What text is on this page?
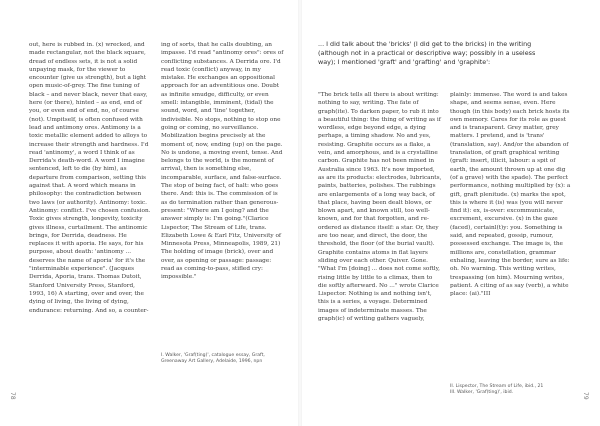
out, here is rubbed in. (x) wrecked, and made rectangular, not the black square, dread of endless sets, it is not a solid unpaying mask, for the viewer to encounter (give us strength), but a light open music-of-grey. The fine tuning of black – and never black, never that easy, here (or there), hinted – as end, end of you, or even end of end, no, of course (not). Umpitself, is often confused with lead and antimony ores. Antimony is a toxic metallic element added to alloys to increase their strength and hardness. I'd read 'antinomy', a word I think of as Derrida's death-word. A word I imagine sentenced, left to die (by him), as departure from comparison, setting this against that. A word which means in philosophy: the contradiction between two laws (or authority). Antinomy: toxic. Antinomy: conflict. I've chosen confusion. Toxic gives strength, longevity, toxicity gives illness, curtailment. The antinomic brings, for Derrida, deadness. He replaces it with aporia. He says, for his purpose, about death: 'antinomy ... deserves the name of aporia' for it's the "interminable experience". (Jacques Derrida, Aporia, trans. Thomas Dutoit, Stanford University Press, Stanford, 1993, 16) A starting, over and over, the dying of living, the living of dying, endurance: returning. And so, a counter-

ing of sorts, that he calls doubting, an impasse. I'd read "antinomy ores": ores of conflicting substances. A Derrida ore. I'd read toxic (conflict) anyway, in my mistake. He exchanges an oppositional approach for an adventitious one. Doubt as infinite smudge, difficulty, or even smell: intangible, imminent, (tidal) the sound, word, and 'line' together, indivisible. No stops, nothing to stop one going or coming, no surveillance. Mobilization begins precisely at the moment of, now, ending (up) on the page. No is undone, a moving event, tense. And belongs to the world, is the moment of arrival, then is something else, incomparable, surface, and false-surface. The stop of being fact, of halt: who goes there. And: this is. The commission of is as do termination rather than generous-present: "Where am I going? and the answer simply is: I'm going."(Clarice Lispector, The Stream of Life, trans. Elizabeth Lowe & Earl Fitz, University of Minnesota Press, Minneapolis, 1989, 21) The holding of image (brick), over and over, as opening or passage: passage: read as coming-to-pass, stifled cry: impossible."

I. Walker, 'Graf(ting)', catalogue essay, Graft, Greenaway Art Gallery, Adelaide, 1996, npn

78

... I did talk about the 'bricks' (I did get to the bricks) in the writing (although not in a practical or descriptive way; possibly in a useless way); I mentioned 'graft' and 'grafting' and 'graphite':

"The brick tells all there is about writing: nothing to say, writing. The fate of graph(ite). To darken paper, to rub it into a beautiful thing: the thing of writing as if wordless, edge beyond edge, a dying perhaps, a timing shadow. No and yes, resisting. Graphite occurs as a flake, a vein, and amorphous, and is a crystalline carbon. Graphite has not been mined in Australia since 1963. It's now imported, as are its products: electrodes, lubricants, paints, batteries, polishes. The rubbings are enlargements of a long way back, of that place, having been dealt blows, or blown apart, and known still, too well-known, and for that forgotten, and re-ordered as distance itself: a star. Or, they are too near, and direct, the door, the threshold, the floor (of the burial vault). Graphite contains atoms in flat layers sliding over each other. Quiver. Gone. "What I'm [doing] ... does not come softly, rising little by little to a climax, then to die softly afterward. No ..." wrote Clarice Lispector. Nothing is and nothing isn't, this is a series, a voyage. Determined images of indeterminate masses. The graph(ic) of writing gathers vaguely,

plainly: immense. The word is and takes shape, and seems sense, even. Here though (in this body) each brick hosts its own memory. Cares for its role as guest and is transparent. Grey matter, grey matters. I pretend, and is 'trans' (translation, say). And/or the abandon of translation, of graft graphical writing (graft: insert, illicit, labour: a spit of earth, the amount thrown up at one dig (of a grave) with the spade). The perfect performance, nothing multiplied by (x): a gift, graft plenitude. (x) marks the spot, this is where it (is) was (you will never find it): ex, is-over: excommunicate, excrement, excursive. (x) in the gaze (faced), certainl(t)y: you. Something is said, and repeated, gossip, rumour, possessed exchange. The image is, the millions are, constellation, grammar exhaling, leaving the border, sure as life: oh. No warning. This writing writes, trespassing (on him). Mourning writes, patient. A citing of as say (verb), a white place: (ai)."III

II. Lispector, The Stream of Life, ibid., 21

III. Walker, 'Graf(ting)', ibid.	79
